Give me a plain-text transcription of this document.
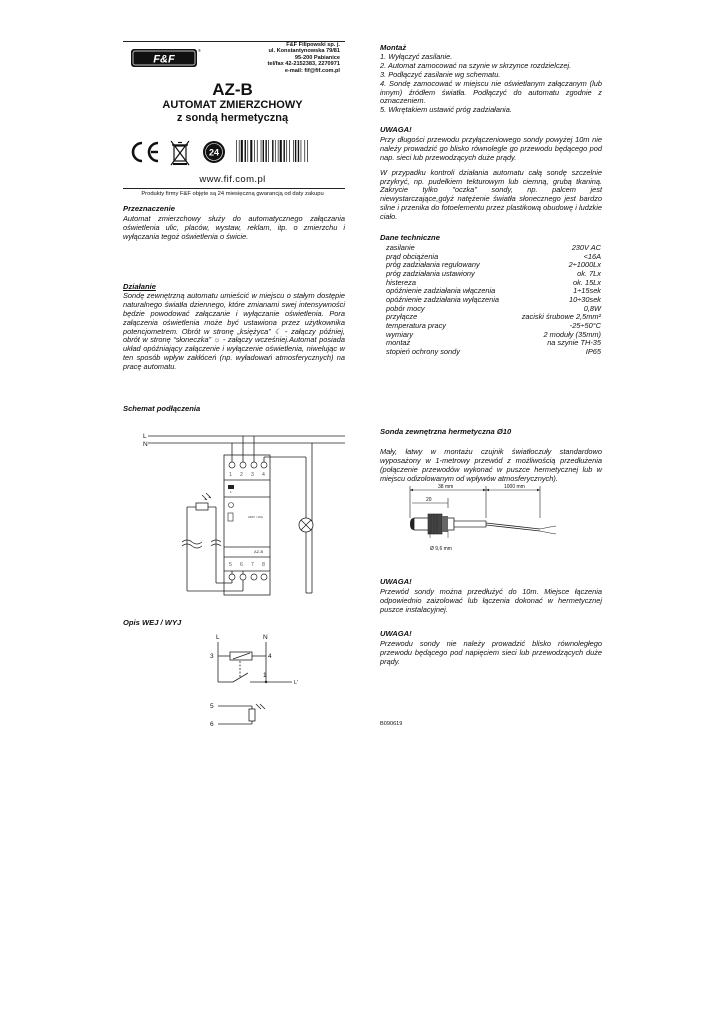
F&F
®
F&F Filipowski sp. j.
ul. Konstantynowska 79/81
95-200 Pabianice
tel/fax 42-2152383, 2270971
e-mail: fif@fif.com.pl
AZ-B
AUTOMAT ZMIERZCHOWY
z sondą hermetyczną
24
www.fif.com.pl
Produkty firmy F&F objęte są 24 miesięczną gwarancją od daty zakupu
Przeznaczenie

Automat zmierzchowy służy do automatycznego załączania oświetlenia ulic, placów, wystaw, reklam, itp. o zmierzchu i wyłączania tegoż oświetlenia o świcie.

Działanie

Sondę zewnętrzną automatu umieścić w miejscu o stałym dostępie naturalnego światła dziennego, które zmianami swej intensywności będzie powodować załączanie i wyłączanie oświetlenia. Pora załączenia oświetlenia może być ustawiona przez użytkownika potencjometrem. Obrót w stronę „księżyca” ☾ - załączy później, obrót w stronę “słoneczka” ☼ - załączy wcześniej.Automat posiada układ opóźniający załączenie i wyłączenie oświetlenia, niwelując w ten sposób wpływ zakłóceń (np. wyładowań atmosferycznych) na pracę automatu.

Montaż
1. Wyłączyć zasilanie.
2. Automat zamocować na szynie w skrzynce rozdzielczej.
3. Podłączyć zasilanie wg schematu.
4. Sondę zamocować w miejscu nie oświetlanym załączanym (lub innym) źródłem światła. Podłączyć do automatu zgodnie z oznaczeniem.
5. Wkrętakiem ustawić próg zadziałania.
UWAGA!

Przy długości przewodu przyłączeniowego sondy powyżej 10m nie należy prowadzić go blisko równolegle go przewodu będącego pod nap. sieci lub przewodzących duże prądy.

W przypadku kontroli działania automatu całą sondę szczelnie przykryć, np. pudełkiem tekturowym lub ciemną, grubą tkaniną. Zakrycie tylko "oczka" sondy, np. palcem jest niewystarczające,gdyż natężenie światła słonecznego jest bardzo silne i przenika do fotoelementu przez plastikową obudowę i ludzkie ciało.

Dane techniczne
zasilanie	230V AC
prąd obciążenia	<16A
próg zadziałania regulowany	2÷1000Lx
próg zadziałania ustawiony	ok. 7Lx
histereza	ok. 15Lx
opóźnienie zadziałania włączenia	1÷15sek
opóźnienie zadziałania wyłączenia	10÷30sek
pobór mocy	0,8W
przyłącze	zaciski śrubowe 2,5mm²
temperatura pracy	-25÷50°C
wymiary	2 moduły (35mm)
montaż	na szynie TH-35
stopień ochrony sondy	IP65
Schemat podłączenia
L
N
1
1 2 3 4
5 6 7 8
230V / 16A
AZ-B
Opis WEJ / WYJ
L	N
3	4
1
L'
5
6
Sonda zewnętrzna hermetyczna Ø10

Mały, łatwy w montażu czujnik światłoczuły standardowo wyposażony w 1-metrowy przewód z możliwością przedłużenia (połączenie przewodów wykonać w puszce hermetycznej lub w miejscu odizolowanym od wpływów atmosferycznych).

38 mm	1000 mm
20
Ø 9,6 mm
UWAGA!

Przewód sondy można przedłużyć do 10m. Miejsce łączenia odpowiednio zaizolować lub łączenia dokonać w hermetycznej puszce instalacyjnej.

UWAGA!

Przewodu sondy nie należy prowadzić blisko równoległego przewodu będącego pod napięciem sieci lub przewodzących duże prądy.

B090619
